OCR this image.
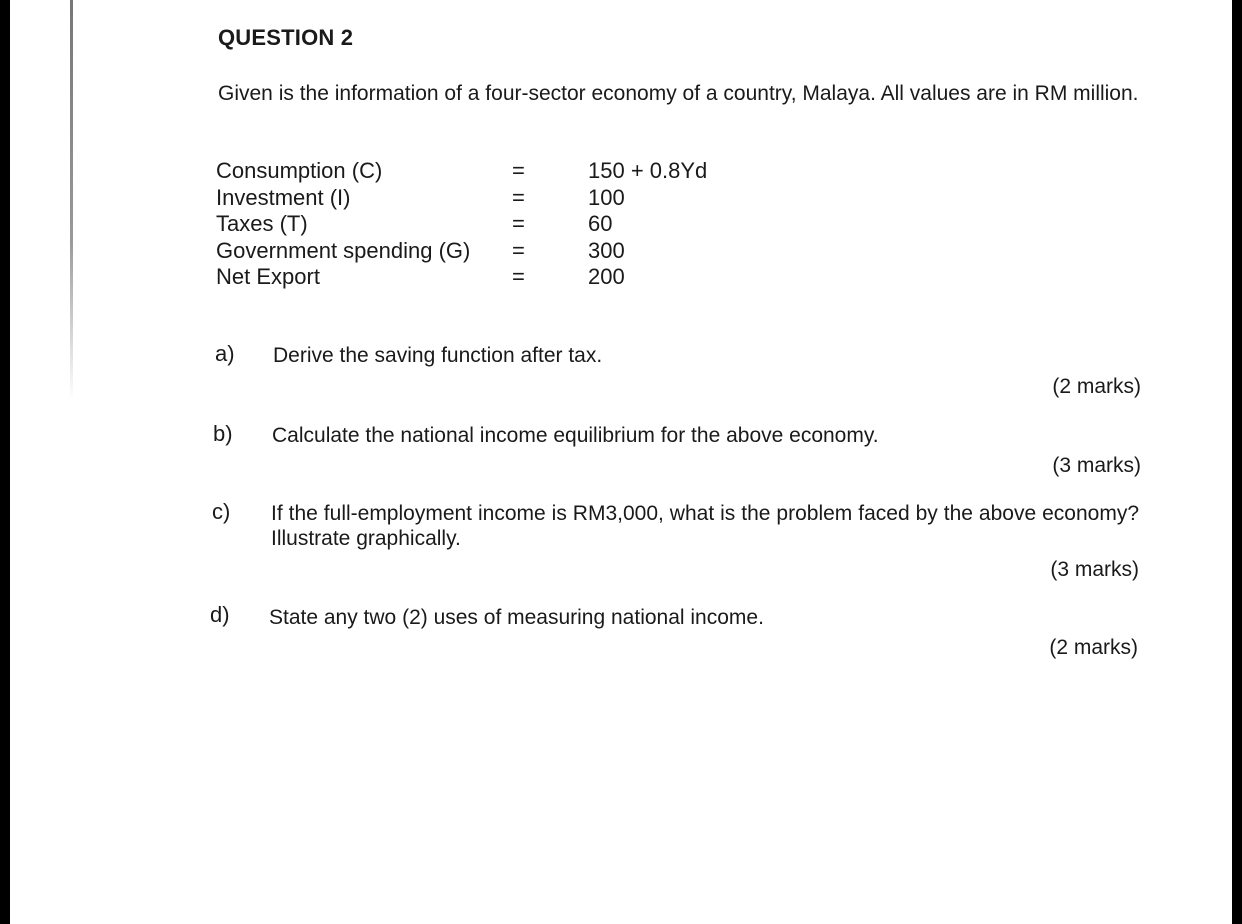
QUESTION 2
Given is the information of a four-sector economy of a country, Malaya. All values are in RM million.
Consumption (C)	=	150 + 0.8Yd
Investment (I)	=	100
Taxes (T)	=	60
Government spending (G) =	300
Net Export	=	200
a) Derive the saving function after tax.
(2 marks)
b) Calculate the national income equilibrium for the above economy.
(3 marks)
c) If the full-employment income is RM3,000, what is the problem faced by the above economy? Illustrate graphically.
(3 marks)
d) State any two (2) uses of measuring national income.
(2 marks)
